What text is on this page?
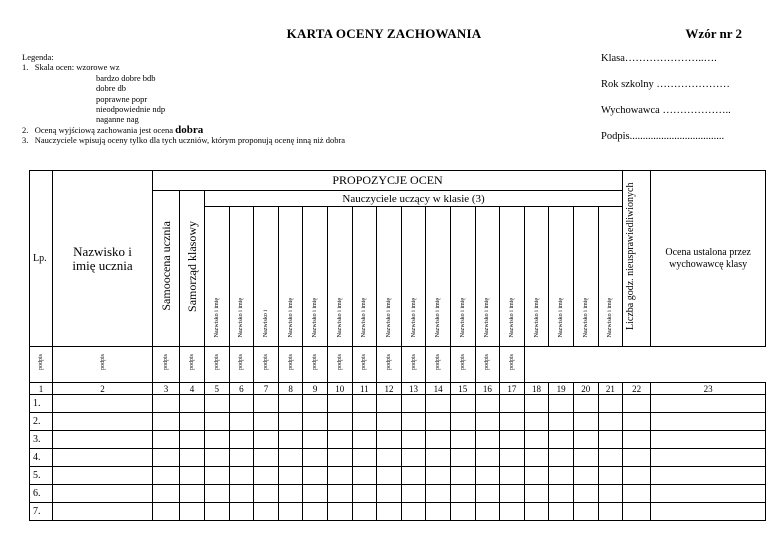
KARTA OCENY ZACHOWANIA	Wzór nr 2
Legenda:
1. Skala ocen: wzorowe wz
bardzo dobre bdb
dobre db
poprawne popr
nieodpowiednie ndp
naganne nag
2. Oceną wyjściową zachowania jest ocena dobra
3. Nauczyciele wpisują oceny tylko dla tych uczniów, którym proponują ocenę inną niż dobra
Klasa…………………..….
Rok szkolny …………………
Wychowawca ………………..
Podpis....................................
Lp.	Nazwisko i imię ucznia	PROPOZYCJE OCEN																			Liczba godz. nieusprawiedliwionych	Ocena ustalona przez wychowawcę klasy
		Samoocena ucznia	Samorząd klasowy	Nauczyciele uczący w klasie (3)																		
				Nazwisko i imię	Nazwisko i imię	Nazwisko i	Nazwisko i imię	Nazwisko i imię	Nazwisko i imię	Nazwisko i imię	Nazwisko i imię	Nazwisko i imię	Nazwisko i imię	Nazwisko i imię	Nazwisko i imię	Nazwisko i imię	Nazwisko i imię	Nazwisko i imię	Nazwisko i imię	Nazwisko i imię		
podpis	podpis	podpis	podpis	podpis	podpis	podpis	podpis	podpis	podpis	podpis	podpis	podpis	podpis	podpis	podpis	podpis						
1	2	3	4	5	6	7	8	9	10	11	12	13	14	15	16	17	18	19	20	21	22	23
1.																						
2.																						
3.																						
4.																						
5.																						
6.																						
7.																						
